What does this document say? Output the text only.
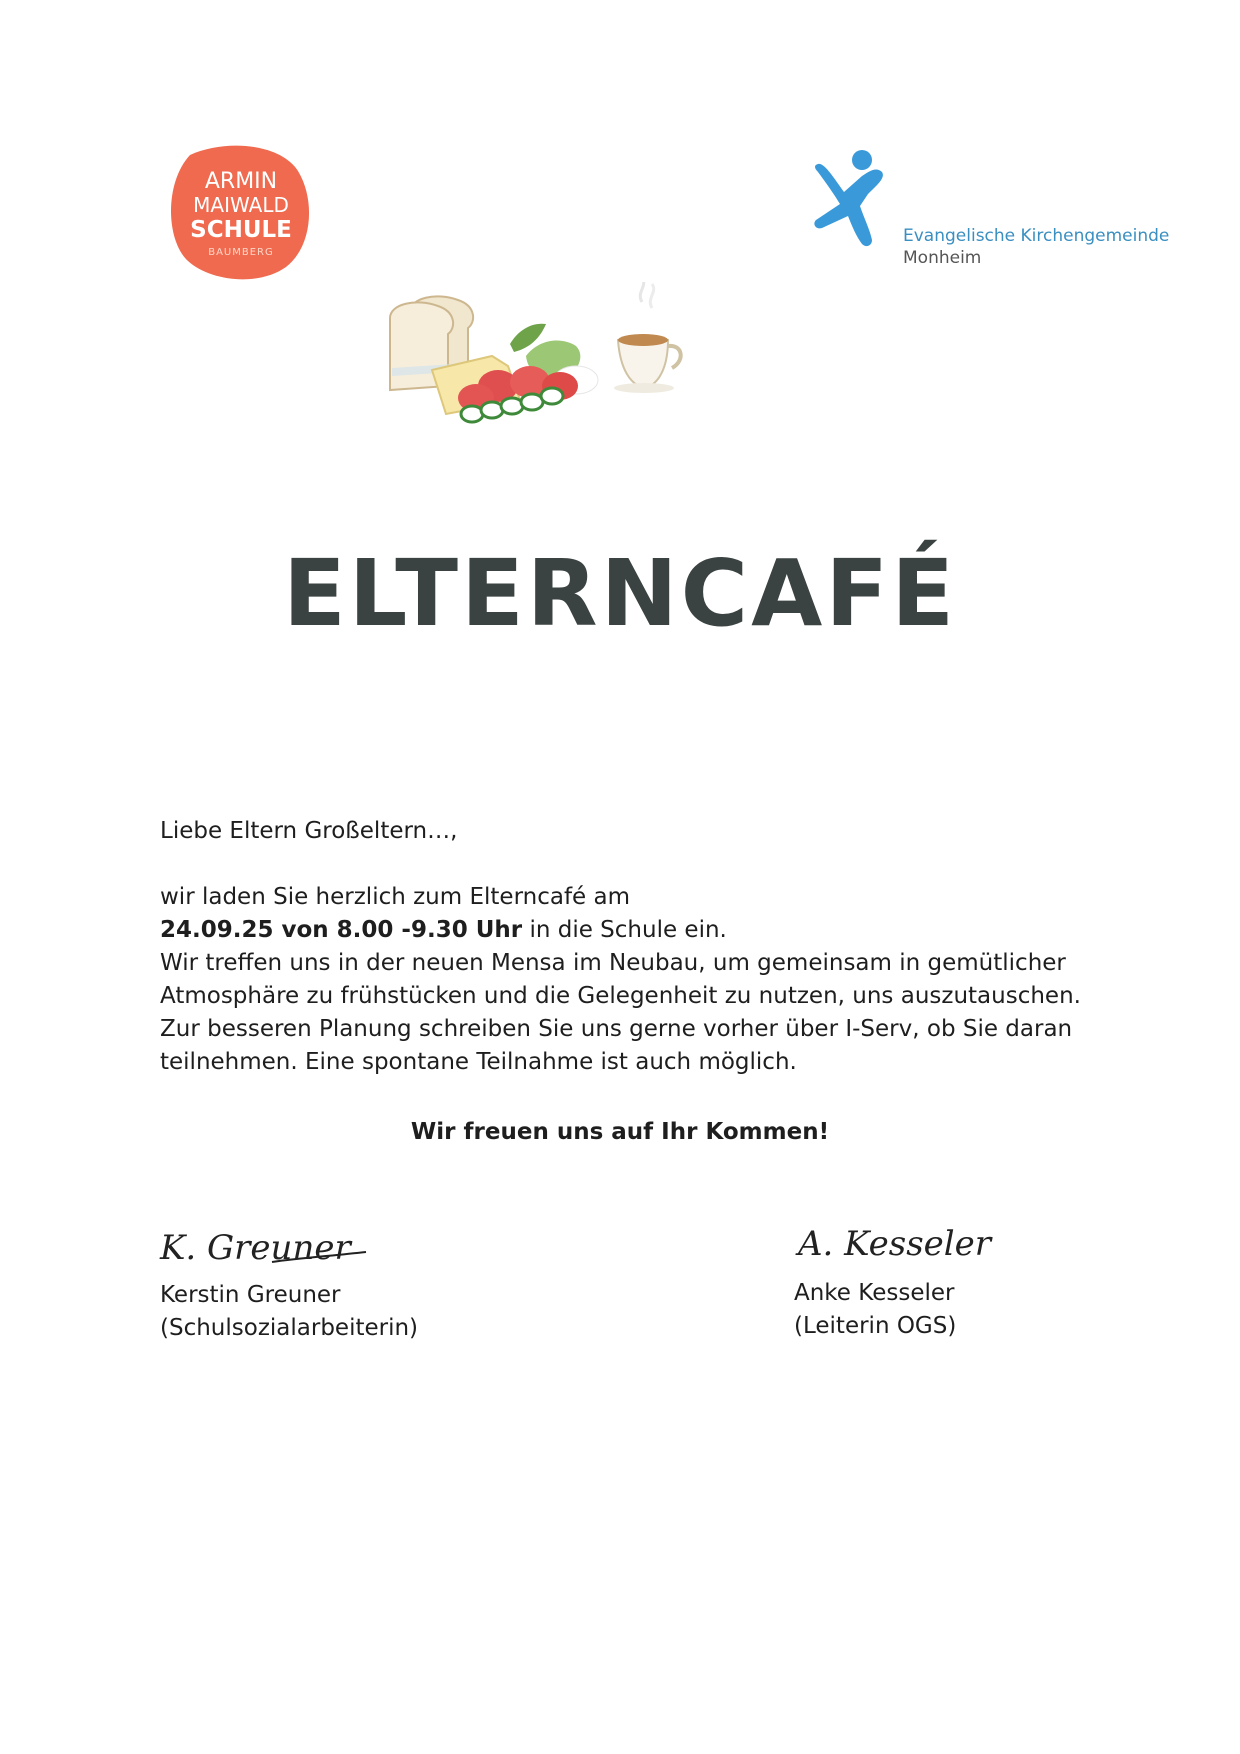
ARMIN
MAIWALD
SCHULE
BAUMBERG
Evangelische Kirchengemeinde
Monheim
ELTERNCAFÉ
Liebe Eltern Großeltern…,
wir laden Sie herzlich zum Elterncafé am
24.09.25 von 8.00 -9.30 Uhr in die Schule ein.
Wir treffen uns in der neuen Mensa im Neubau, um gemeinsam in gemütlicher
Atmosphäre zu frühstücken und die Gelegenheit zu nutzen, uns auszutauschen.
Zur besseren Planung schreiben Sie uns gerne vorher über I-Serv, ob Sie daran
teilnehmen. Eine spontane Teilnahme ist auch möglich.
Wir freuen uns auf Ihr Kommen!
K. Greuner
Kerstin Greuner
(Schulsozialarbeiterin)
A. Kesseler
Anke Kesseler
(Leiterin OGS)
